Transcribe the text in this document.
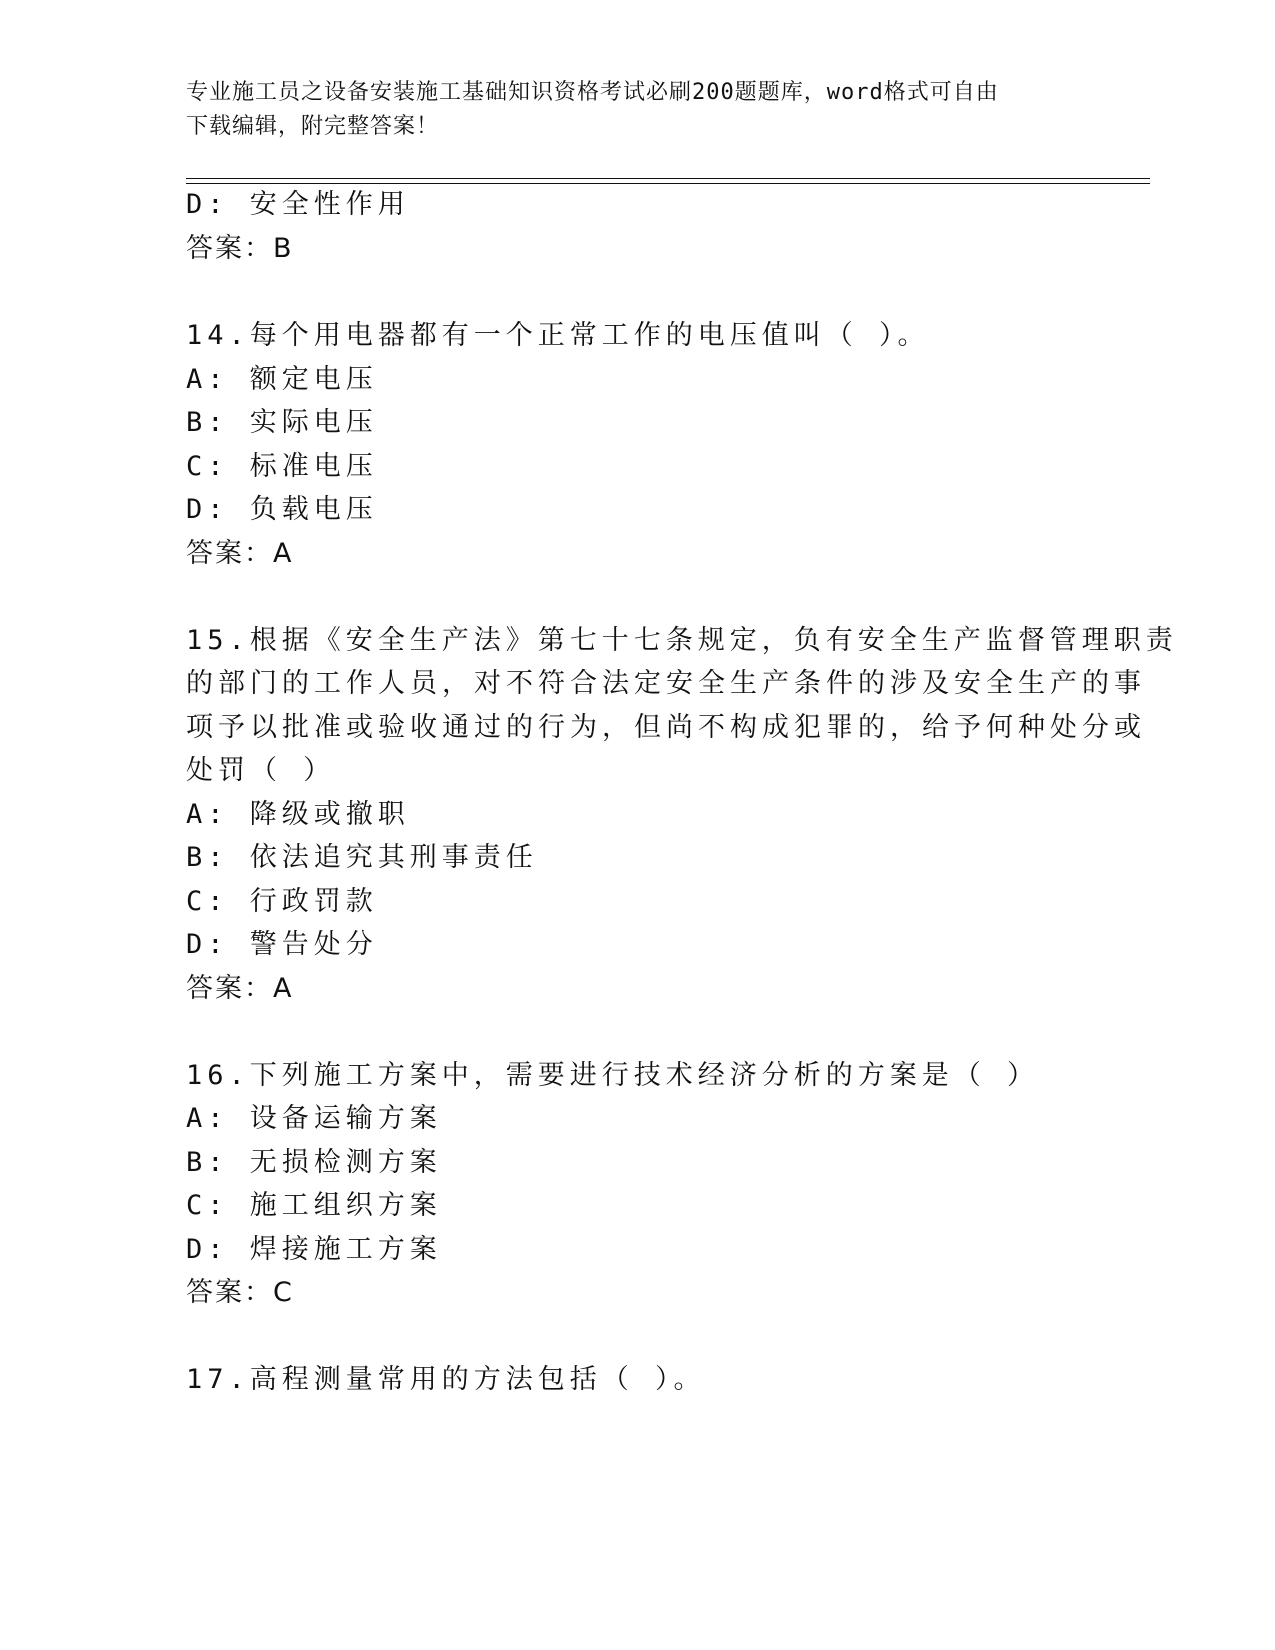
专业施工员之设备安装施工基础知识资格考试必刷200题题库，word格式可自由
下载编辑，附完整答案！
D: 安全性作用
答案：B
14.每个用电器都有一个正常工作的电压值叫（ ）。
A: 额定电压
B: 实际电压
C: 标准电压
D: 负载电压
答案：A
15.根据《安全生产法》第七十七条规定，负有安全生产监督管理职责
的部门的工作人员，对不符合法定安全生产条件的涉及安全生产的事
项予以批准或验收通过的行为，但尚不构成犯罪的，给予何种处分或
处罚（ ）
A: 降级或撤职
B: 依法追究其刑事责任
C: 行政罚款
D: 警告处分
答案：A
16.下列施工方案中，需要进行技术经济分析的方案是（ ）
A: 设备运输方案
B: 无损检测方案
C: 施工组织方案
D: 焊接施工方案
答案：C
17.高程测量常用的方法包括（ ）。
